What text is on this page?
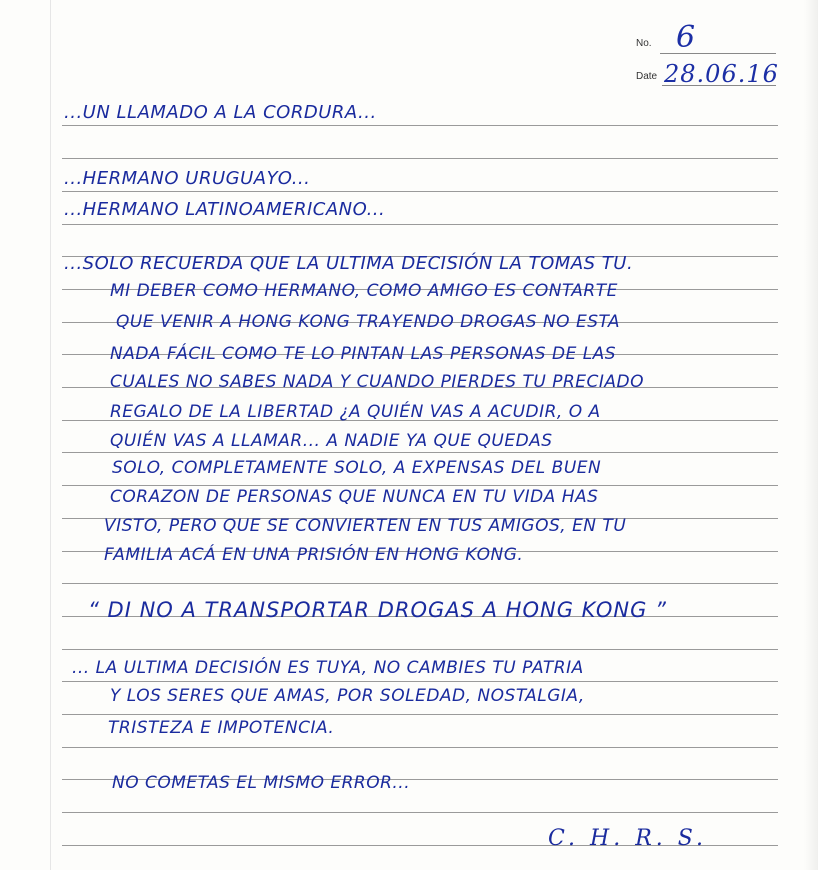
No. 6
Date 28.06.16
...UN LLAMADO A LA CORDURA...
...HERMANO URUGUAYO...
...HERMANO LATINOAMERICANO...
...SOLO RECUERDA QUE LA ULTIMA DECISIÓN LA TOMAS TU.
MI DEBER COMO HERMANO, COMO AMIGO ES CONTARTE
QUE VENIR A HONG KONG TRAYENDO DROGAS NO ESTA
NADA FÁCIL COMO TE LO PINTAN LAS PERSONAS DE LAS
CUALES NO SABES NADA Y CUANDO PIERDES TU PRECIADO
REGALO DE LA LIBERTAD ¿A QUIÉN VAS A ACUDIR, O A
QUIÉN VAS A LLAMAR... A NADIE YA QUE QUEDAS
SOLO, COMPLETAMENTE SOLO, A EXPENSAS DEL BUEN
CORAZON DE PERSONAS QUE NUNCA EN TU VIDA HAS
VISTO, PERO QUE SE CONVIERTEN EN TUS AMIGOS, EN TU
FAMILIA ACÁ EN UNA PRISIÓN EN HONG KONG.
“ DI NO A TRANSPORTAR DROGAS A HONG KONG ”
... LA ULTIMA DECISIÓN ES TUYA, NO CAMBIES TU PATRIA
Y LOS SERES QUE AMAS, POR SOLEDAD, NOSTALGIA,
TRISTEZA E IMPOTENCIA.
NO COMETAS EL MISMO ERROR...
C. H. R. S.
